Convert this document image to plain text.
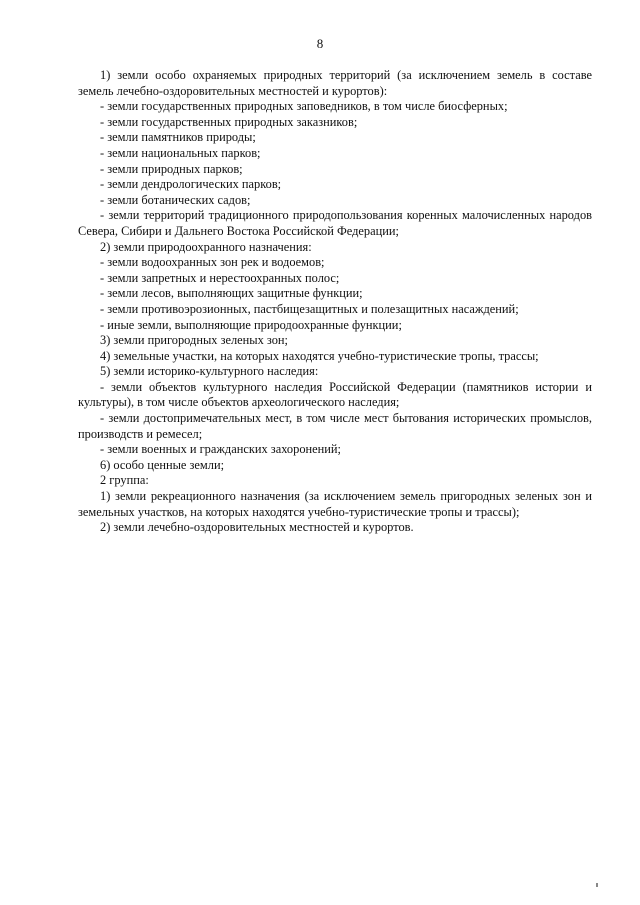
8

1) земли особо охраняемых природных территорий (за исключением земель в составе земель лечебно-оздоровительных местностей и курортов):

- земли государственных природных заповедников, в том числе биосферных;

- земли государственных природных заказников;

- земли памятников природы;

- земли национальных парков;

- земли природных парков;

- земли дендрологических парков;

- земли ботанических садов;

- земли территорий традиционного природопользования коренных малочисленных народов Севера, Сибири и Дальнего Востока Российской Федерации;

2) земли природоохранного назначения:

- земли водоохранных зон рек и водоемов;

- земли запретных и нерестоохранных полос;

- земли лесов, выполняющих защитные функции;

- земли противоэрозионных, пастбищезащитных и полезащитных насаждений;

- иные земли, выполняющие природоохранные функции;

3) земли пригородных зеленых зон;

4) земельные участки, на которых находятся учебно-туристические тропы, трассы;

5) земли историко-культурного наследия:

- земли объектов культурного наследия Российской Федерации (памятников истории и культуры), в том числе объектов археологического наследия;

- земли достопримечательных мест, в том числе мест бытования исторических промыслов, производств и ремесел;

- земли военных и гражданских захоронений;

6) особо ценные земли;

2 группа:

1) земли рекреационного назначения (за исключением земель пригородных зеленых зон и земельных участков, на которых находятся учебно-туристические тропы и трассы);

2) земли лечебно-оздоровительных местностей и курортов.
